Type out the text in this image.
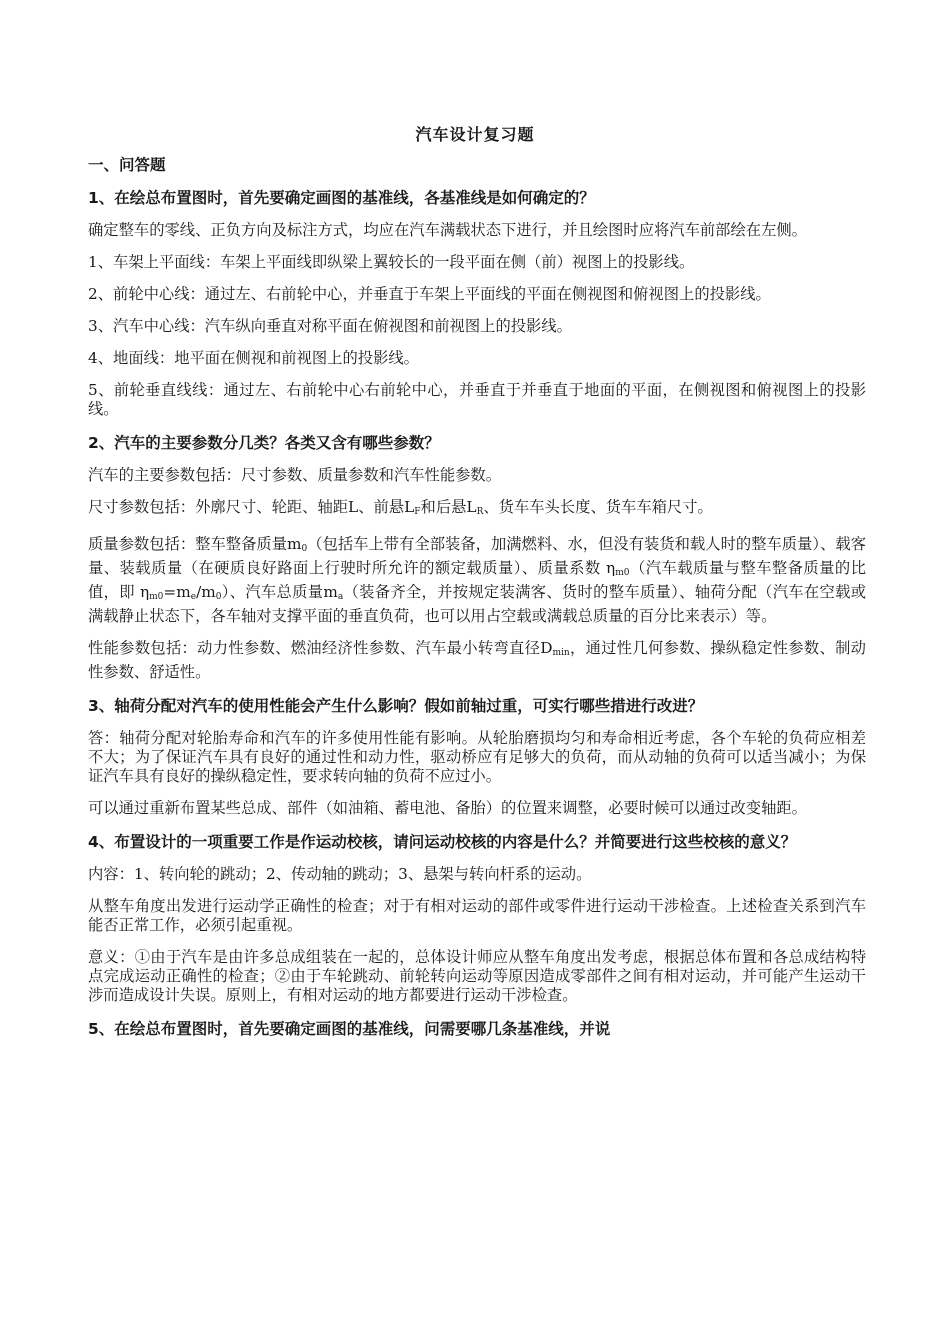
汽车设计复习题
一、问答题
1、在绘总布置图时，首先要确定画图的基准线，各基准线是如何确定的？
确定整车的零线、正负方向及标注方式，均应在汽车满载状态下进行，并且绘图时应将汽车前部绘在左侧。
1、车架上平面线：车架上平面线即纵梁上翼较长的一段平面在侧（前）视图上的投影线。
2、前轮中心线：通过左、右前轮中心，并垂直于车架上平面线的平面在侧视图和俯视图上的投影线。
3、汽车中心线：汽车纵向垂直对称平面在俯视图和前视图上的投影线。
4、地面线：地平面在侧视和前视图上的投影线。
5、前轮垂直线线：通过左、右前轮中心右前轮中心，并垂直于并垂直于地面的平面，在侧视图和俯视图上的投影线。
2、汽车的主要参数分几类？各类又含有哪些参数？
汽车的主要参数包括：尺寸参数、质量参数和汽车性能参数。
尺寸参数包括：外廓尺寸、轮距、轴距L、前悬$L_F$和后悬$L_R$、货车车头长度、货车车箱尺寸。
质量参数包括：整车整备质量$m_0$（包括车上带有全部装备，加满燃料、水，但没有装货和载人时的整车质量）、载客量、装载质量（在硬质良好路面上行驶时所允许的额定载质量）、质量系数 $\eta_{m0}$（汽车载质量与整车整备质量的比值，即 $\eta_{m0}=m_e/m_0$）、汽车总质量$m_a$（装备齐全，并按规定装满客、货时的整车质量）、轴荷分配（汽车在空载或满载静止状态下，各车轴对支撑平面的垂直负荷，也可以用占空载或满载总质量的百分比来表示）等。
性能参数包括：动力性参数、燃油经济性参数、汽车最小转弯直径$D_{min}$，通过性几何参数、操纵稳定性参数、制动性参数、舒适性。
3、轴荷分配对汽车的使用性能会产生什么影响？假如前轴过重，可实行哪些措进行改进？
答：轴荷分配对轮胎寿命和汽车的许多使用性能有影响。从轮胎磨损均匀和寿命相近考虑，各个车轮的负荷应相差不大；为了保证汽车具有良好的通过性和动力性，驱动桥应有足够大的负荷，而从动轴的负荷可以适当减小；为保证汽车具有良好的操纵稳定性，要求转向轴的负荷不应过小。
可以通过重新布置某些总成、部件（如油箱、蓄电池、备胎）的位置来调整，必要时候可以通过改变轴距。
4、布置设计的一项重要工作是作运动校核，请问运动校核的内容是什么？并简要进行这些校核的意义？
内容：1、转向轮的跳动；2、传动轴的跳动；3、悬架与转向杆系的运动。
从整车角度出发进行运动学正确性的检查；对于有相对运动的部件或零件进行运动干涉检查。上述检查关系到汽车能否正常工作，必须引起重视。
意义：①由于汽车是由许多总成组装在一起的，总体设计师应从整车角度出发考虑，根据总体布置和各总成结构特点完成运动正确性的检查；②由于车轮跳动、前轮转向运动等原因造成零部件之间有相对运动，并可能产生运动干涉而造成设计失误。原则上，有相对运动的地方都要进行运动干涉检查。
5、在绘总布置图时，首先要确定画图的基准线，问需要哪几条基准线，并说
